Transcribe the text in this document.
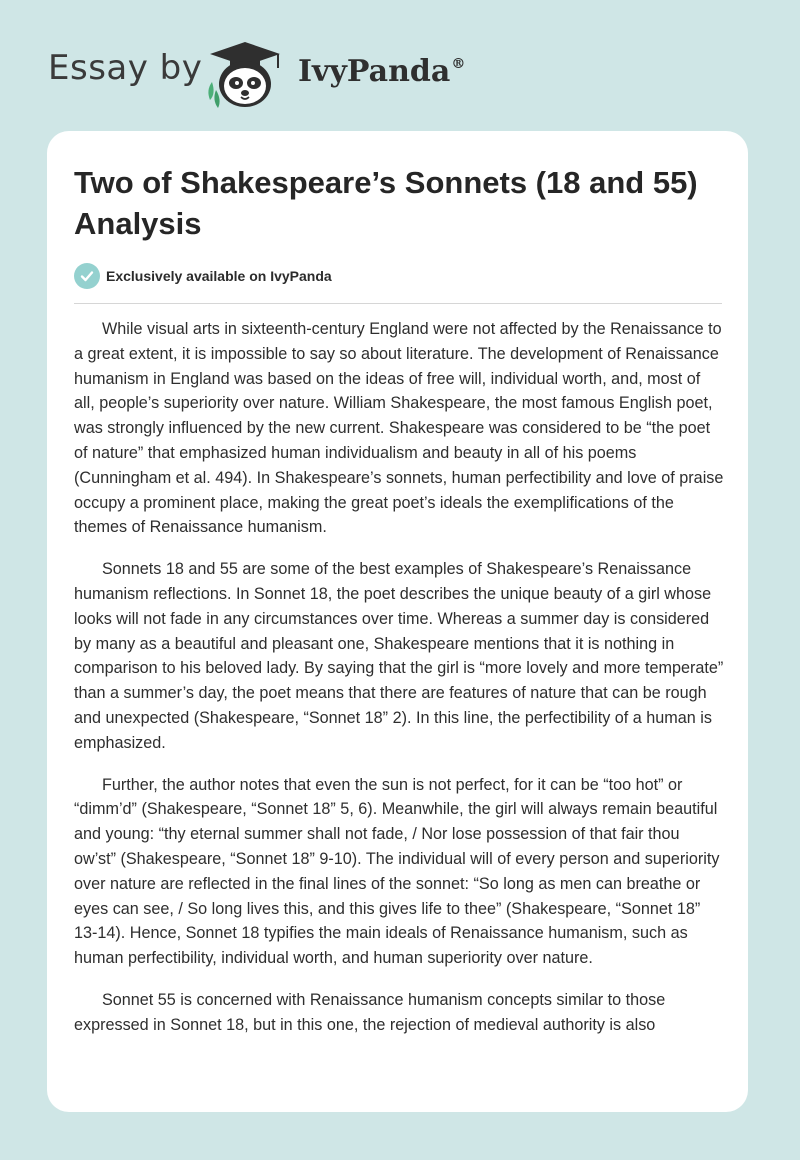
Essay by	IvyPanda®
Two of Shakespeare’s Sonnets (18 and 55) Analysis
Exclusively available on IvyPanda

While visual arts in sixteenth-century England were not affected by the Renaissance to a great extent, it is impossible to say so about literature. The development of Renaissance humanism in England was based on the ideas of free will, individual worth, and, most of all, people’s superiority over nature. William Shakespeare, the most famous English poet, was strongly influenced by the new current. Shakespeare was considered to be “the poet of nature” that emphasized human individualism and beauty in all of his poems (Cunningham et al. 494). In Shakespeare’s sonnets, human perfectibility and love of praise occupy a prominent place, making the great poet’s ideals the exemplifications of the themes of Renaissance humanism.

Sonnets 18 and 55 are some of the best examples of Shakespeare’s Renaissance humanism reflections. In Sonnet 18, the poet describes the unique beauty of a girl whose looks will not fade in any circumstances over time. Whereas a summer day is considered by many as a beautiful and pleasant one, Shakespeare mentions that it is nothing in comparison to his beloved lady. By saying that the girl is “more lovely and more temperate” than a summer’s day, the poet means that there are features of nature that can be rough and unexpected (Shakespeare, “Sonnet 18” 2). In this line, the perfectibility of a human is emphasized.

Further, the author notes that even the sun is not perfect, for it can be “too hot” or “dimm’d” (Shakespeare, “Sonnet 18” 5, 6). Meanwhile, the girl will always remain beautiful and young: “thy eternal summer shall not fade, / Nor lose possession of that fair thou ow’st” (Shakespeare, “Sonnet 18” 9-10). The individual will of every person and superiority over nature are reflected in the final lines of the sonnet: “So long as men can breathe or eyes can see, / So long lives this, and this gives life to thee” (Shakespeare, “Sonnet 18” 13-14). Hence, Sonnet 18 typifies the main ideals of Renaissance humanism, such as human perfectibility, individual worth, and human superiority over nature.

Sonnet 55 is concerned with Renaissance humanism concepts similar to those expressed in Sonnet 18, but in this one, the rejection of medieval authority is also
